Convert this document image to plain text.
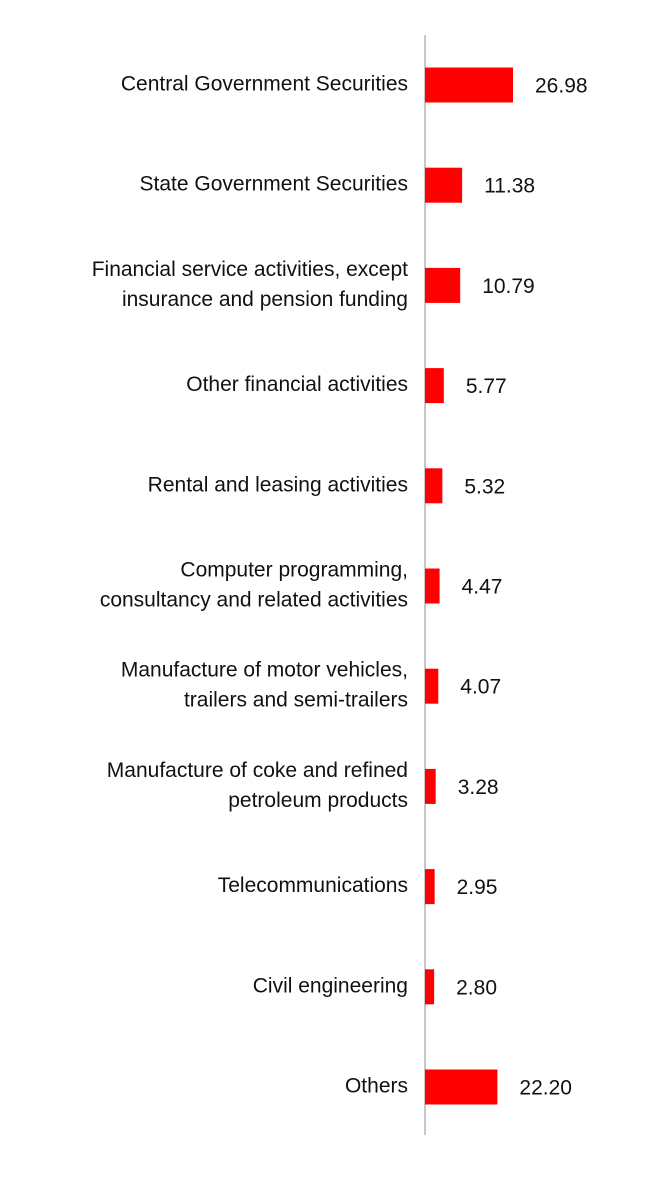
Central Government Securities
State Government Securities
Financial service activities, except insurance and pension funding
Other financial activities
Rental and leasing activities
Computer programming, consultancy and related activities
Manufacture of motor vehicles, trailers and semi-trailers
Manufacture of coke and refined petroleum products
Telecommunications
Civil engineering
Others
26.98
11.38
10.79
5.77
5.32
4.47
4.07
3.28
2.95
2.80
22.20
